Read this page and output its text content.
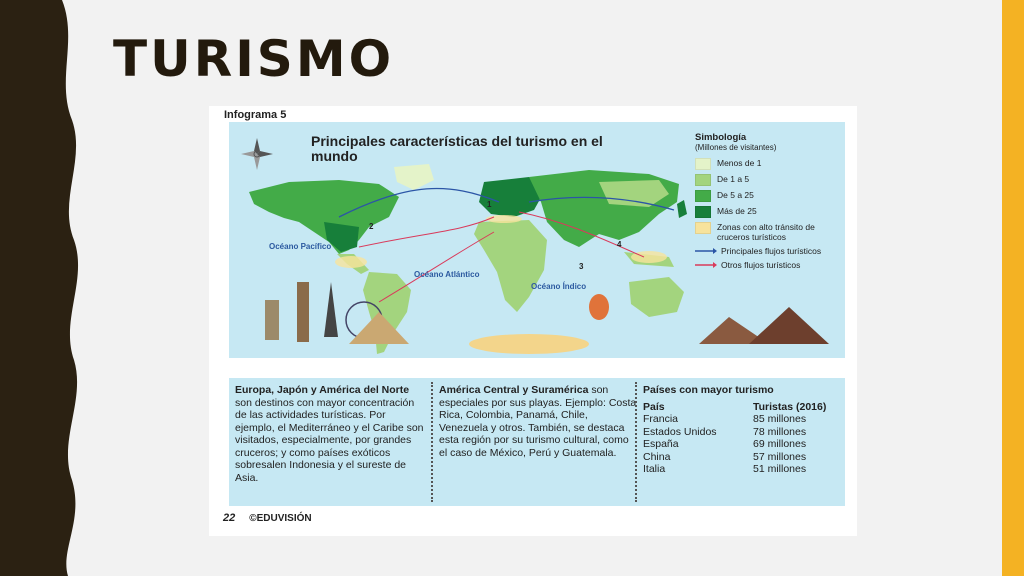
TURISMO
Infograma 5
Principales características del turismo en el mundo
Océano Pacífico
Océano Atlántico
Océano Índico
1
2
3
4
Simbología
(Millones de visitantes)
Menos de 1
De 1 a 5
De 5 a 25
Más de 25
Zonas con alto tránsito de cruceros turísticos
Principales flujos turísticos
Otros flujos turísticos
Europa, Japón y América del Norte son destinos con mayor concentración de las actividades turísticas. Por ejemplo, el Mediterráneo y el Caribe son visitados, especialmente, por grandes cruceros; y como países exóticos sobresalen Indonesia y el sureste de Asia.
América Central y Suramérica son especiales por sus playas. Ejemplo: Costa Rica, Colombia, Panamá, Chile, Venezuela y otros. También, se destaca esta región por su turismo cultural, como el caso de México, Perú y Guatemala.
Países con mayor turismo
País	Turistas (2016)
Francia	85 millones
Estados Unidos	78 millones
España	69 millones
China	57 millones
Italia	51 millones
22 ©EDUVISIÓN
